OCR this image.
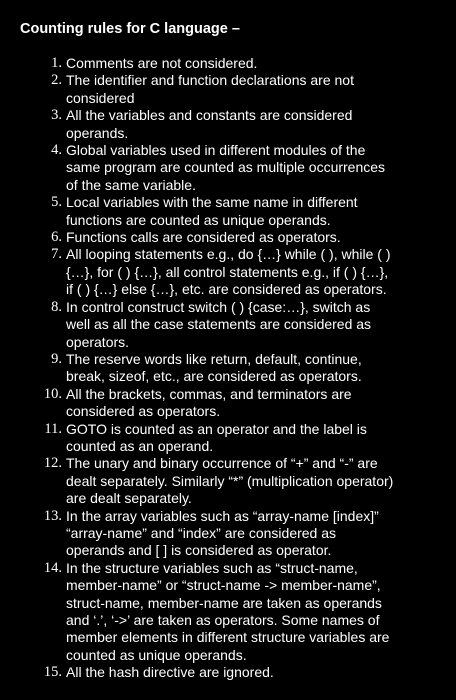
Counting rules for C language –
1. Comments are not considered.
2. The identifier and function declarations are not
considered
3. All the variables and constants are considered
operands.
4. Global variables used in different modules of the
same program are counted as multiple occurrences
of the same variable.
5. Local variables with the same name in different
functions are counted as unique operands.
6. Functions calls are considered as operators.
7. All looping statements e.g., do {…} while ( ), while ( )
{…}, for ( ) {…}, all control statements e.g., if ( ) {…},
if ( ) {…} else {…}, etc. are considered as operators.
8. In control construct switch ( ) {case:…}, switch as
well as all the case statements are considered as
operators.
9. The reserve words like return, default, continue,
break, sizeof, etc., are considered as operators.
10. All the brackets, commas, and terminators are
considered as operators.
11. GOTO is counted as an operator and the label is
counted as an operand.
12. The unary and binary occurrence of “+” and “-” are
dealt separately. Similarly “*” (multiplication operator)
are dealt separately.
13. In the array variables such as “array-name [index]”
“array-name” and “index” are considered as
operands and [ ] is considered as operator.
14. In the structure variables such as “struct-name,
member-name” or “struct-name -> member-name”,
struct-name, member-name are taken as operands
and ‘.’, ‘->’ are taken as operators. Some names of
member elements in different structure variables are
counted as unique operands.
15. All the hash directive are ignored.
